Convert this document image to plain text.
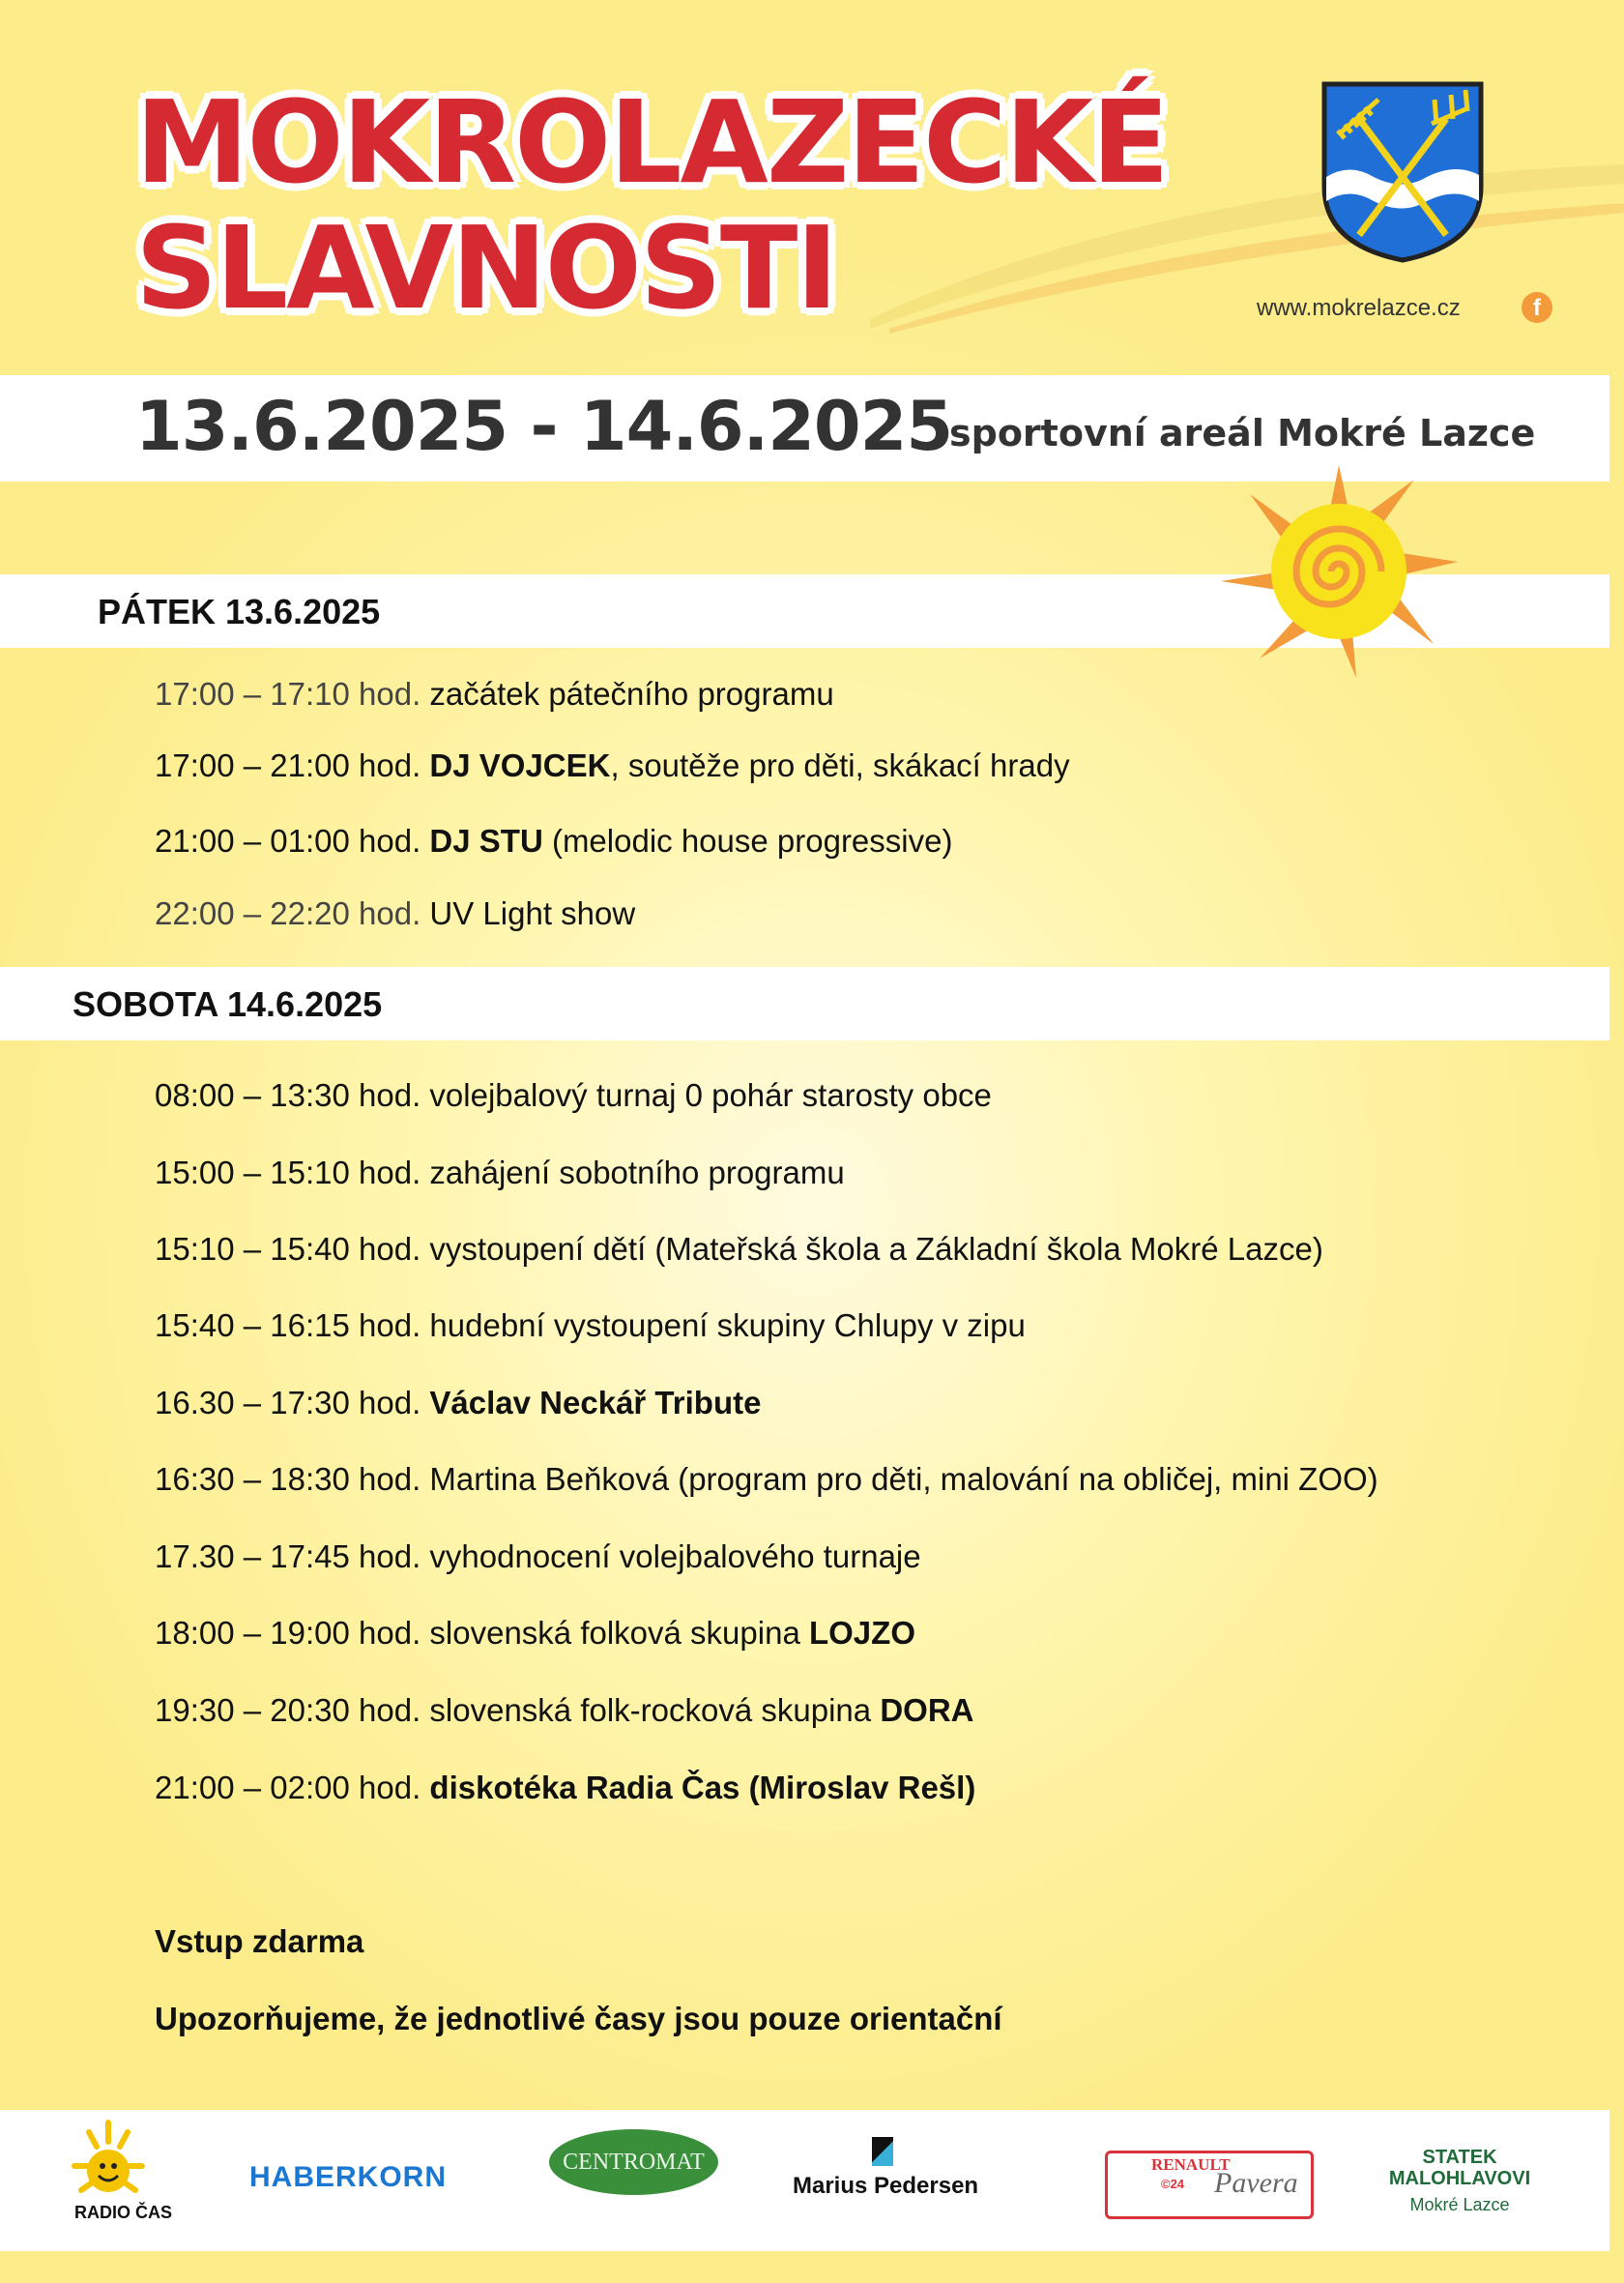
MOKROLAZECKÉ
SLAVNOSTI	www.mokrelazce.cz	f
13.6.2025 - 14.6.2025
sportovní areál Mokré Lazce
PÁTEK 13.6.2025
17:00 – 17:10 hod. začátek pátečního programu
17:00 – 21:00 hod. DJ VOJCEK, soutěže pro děti, skákací hrady
21:00 – 01:00 hod. DJ STU (melodic house progressive)
22:00 – 22:20 hod. UV Light show
SOBOTA 14.6.2025
08:00 – 13:30 hod. volejbalový turnaj 0 pohár starosty obce
15:00 – 15:10 hod. zahájení sobotního programu
15:10 – 15:40 hod. vystoupení dětí (Mateřská škola a Základní škola Mokré Lazce)
15:40 – 16:15 hod. hudební vystoupení skupiny Chlupy v zipu
16.30 – 17:30 hod. Václav Neckář Tribute
16:30 – 18:30 hod. Martina Beňková (program pro děti, malování na obličej, mini ZOO)
17.30 – 17:45 hod. vyhodnocení volejbalového turnaje
18:00 – 19:00 hod. slovenská folková skupina LOJZO
19:30 – 20:30 hod. slovenská folk-rocková skupina DORA
21:00 – 02:00 hod. diskotéka Radia Čas (Miroslav Rešl)
Vstup zdarma
Upozorňujeme, že jednotlivé časy jsou pouze orientační
RADIO ČAS
HABERKORN	CENTROMAT
Marius Pedersen
RENAULT
©24 Pavera
STATEK
MALOHLAVOVI
Mokré Lazce
